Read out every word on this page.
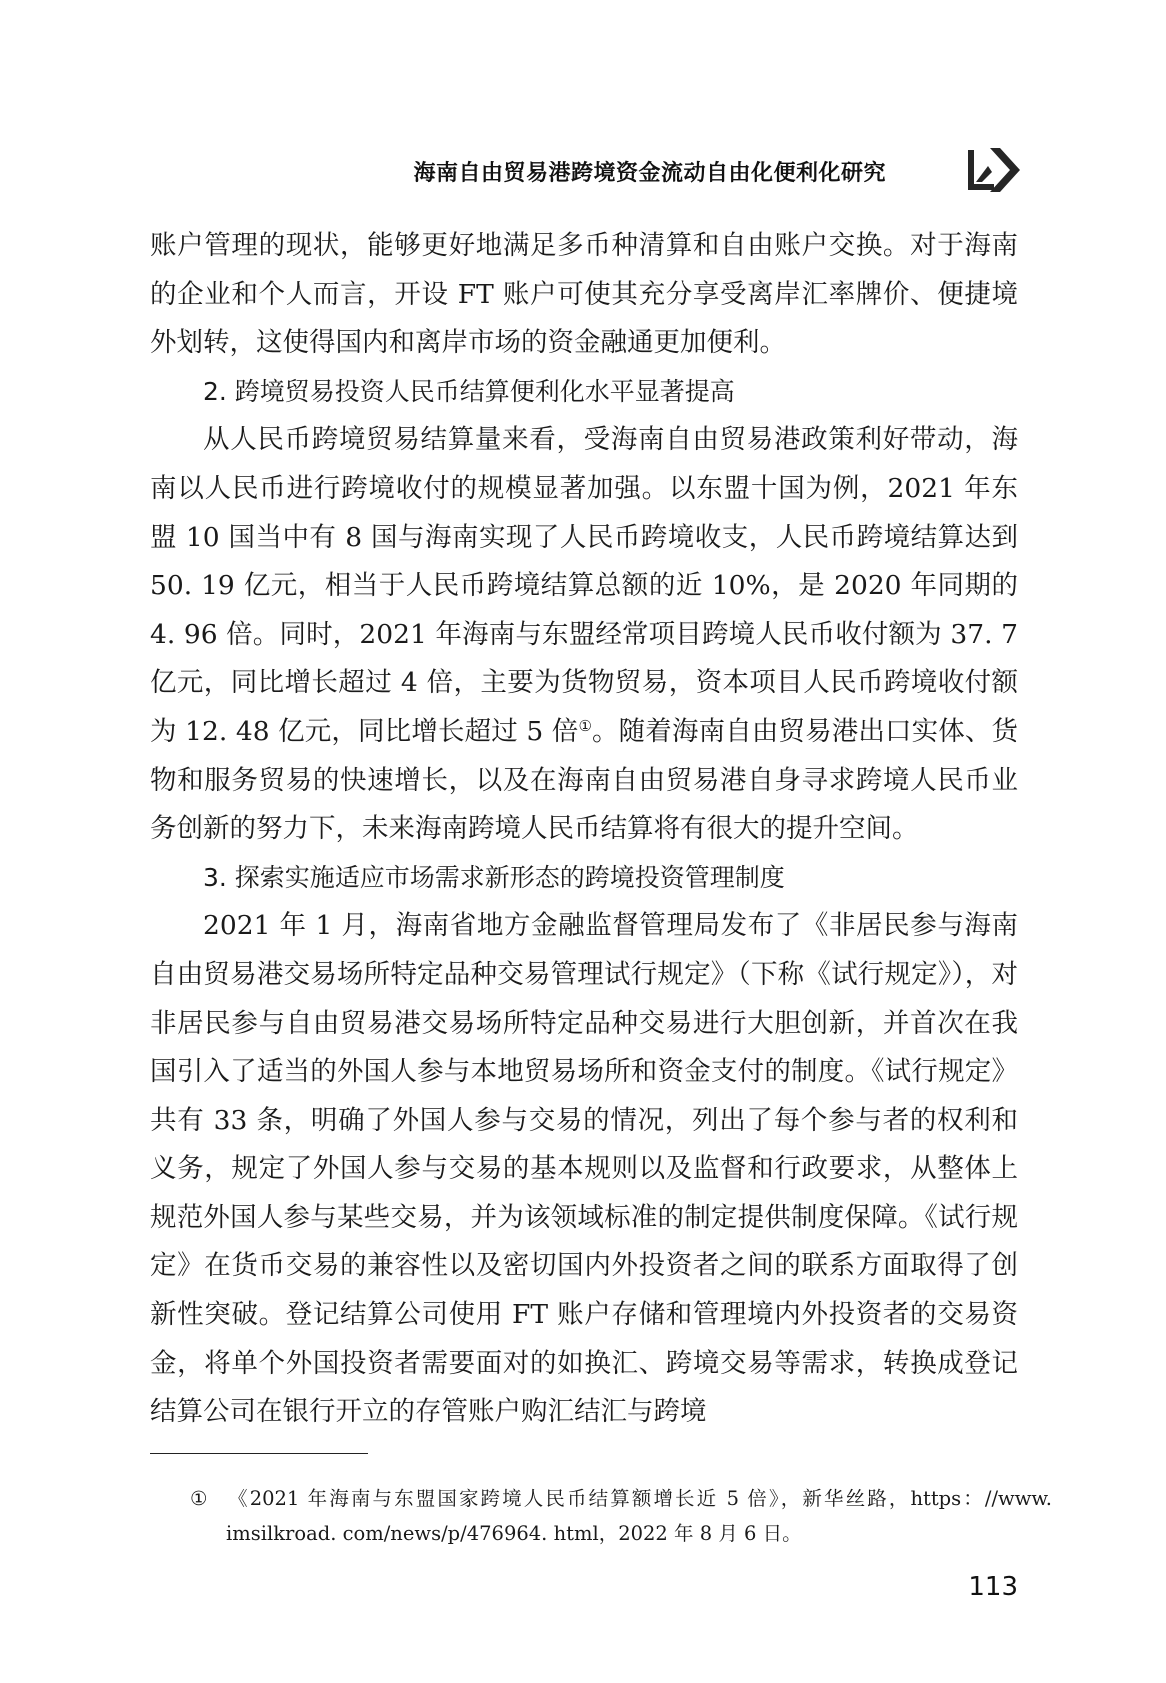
海南自由贸易港跨境资金流动自由化便利化研究

账户管理的现状，能够更好地满足多币种清算和自由账户交换。对于海南的企业和个人而言，开设 FT 账户可使其充分享受离岸汇率牌价、便捷境外划转，这使得国内和离岸市场的资金融通更加便利。

2. 跨境贸易投资人民币结算便利化水平显著提高

从人民币跨境贸易结算量来看，受海南自由贸易港政策利好带动，海南以人民币进行跨境收付的规模显著加强。以东盟十国为例，2021 年东盟 10 国当中有 8 国与海南实现了人民币跨境收支，人民币跨境结算达到 50. 19 亿元，相当于人民币跨境结算总额的近 10%，是 2020 年同期的 4. 96 倍。同时，2021 年海南与东盟经常项目跨境人民币收付额为 37. 7 亿元，同比增长超过 4 倍，主要为货物贸易，资本项目人民币跨境收付额为 12. 48 亿元，同比增长超过 5 倍①。随着海南自由贸易港出口实体、货物和服务贸易的快速增长，以及在海南自由贸易港自身寻求跨境人民币业务创新的努力下，未来海南跨境人民币结算将有很大的提升空间。

3. 探索实施适应市场需求新形态的跨境投资管理制度

2021 年 1 月，海南省地方金融监督管理局发布了《非居民参与海南自由贸易港交易场所特定品种交易管理试行规定》（下称《试行规定》），对非居民参与自由贸易港交易场所特定品种交易进行大胆创新，并首次在我国引入了适当的外国人参与本地贸易场所和资金支付的制度。《试行规定》共有 33 条，明确了外国人参与交易的情况，列出了每个参与者的权利和义务，规定了外国人参与交易的基本规则以及监督和行政要求，从整体上规范外国人参与某些交易，并为该领域标准的制定提供制度保障。《试行规定》在货币交易的兼容性以及密切国内外投资者之间的联系方面取得了创新性突破。登记结算公司使用 FT 账户存储和管理境内外投资者的交易资金，将单个外国投资者需要面对的如换汇、跨境交易等需求，转换成登记结算公司在银行开立的存管账户购汇结汇与跨境

① 《2021 年海南与东盟国家跨境人民币结算额增长近 5 倍》，新华丝路，https：//www. imsilkroad. com/news/p/476964. html，2022 年 8 月 6 日。
113
